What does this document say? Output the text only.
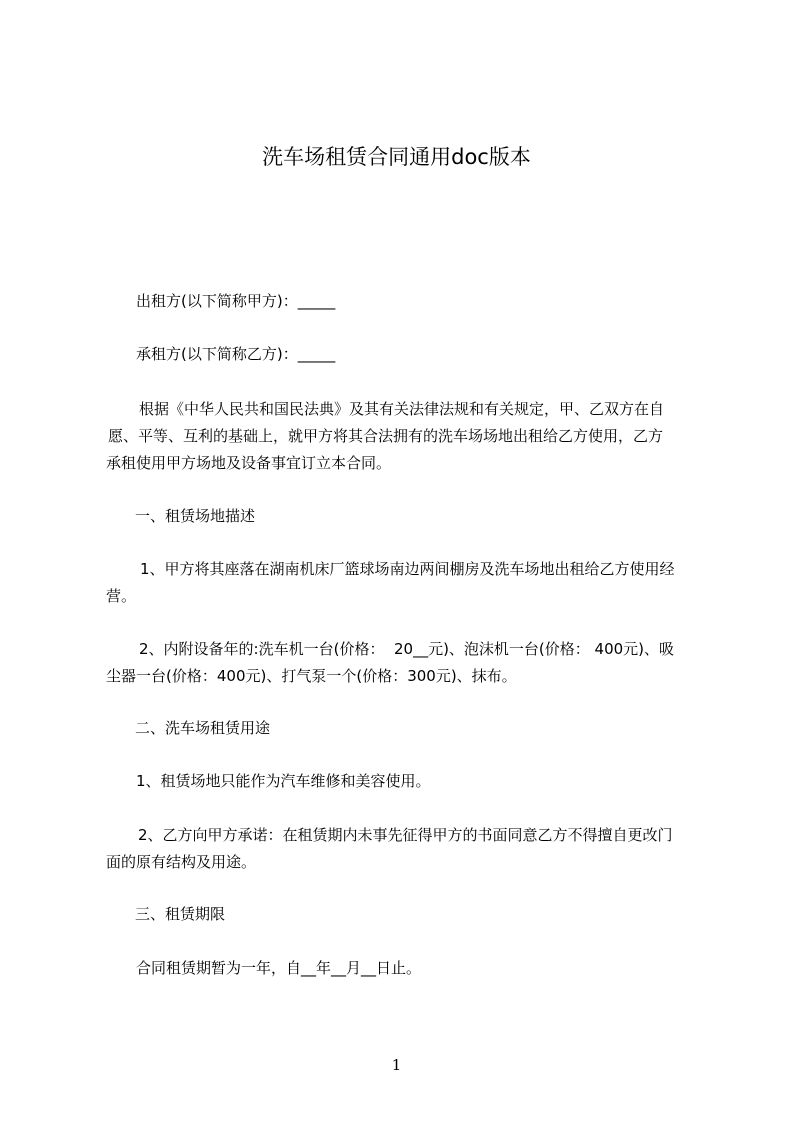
洗车场租赁合同通用doc版本
出租方(以下简称甲方)：_____
承租方(以下简称乙方)：_____
根据《中华人民共和国民法典》及其有关法律法规和有关规定，甲、乙双方在自
愿、平等、互利的基础上，就甲方将其合法拥有的洗车场场地出租给乙方使用，乙方
承租使用甲方场地及设备事宜订立本合同。
一、租赁场地描述
1、甲方将其座落在湖南机床厂篮球场南边两间棚房及洗车场地出租给乙方使用经
营。
2、内附设备年的:洗车机一台(价格：  20__元)、泡沫机一台(价格： 400元)、吸
尘器一台(价格：400元)、打气泵一个(价格：300元)、抹布。
二、洗车场租赁用途
1、租赁场地只能作为汽车维修和美容使用。
2、乙方向甲方承诺：在租赁期内未事先征得甲方的书面同意乙方不得擅自更改门
面的原有结构及用途。
三、租赁期限
合同租赁期暂为一年，自__年__月__日止。
1
